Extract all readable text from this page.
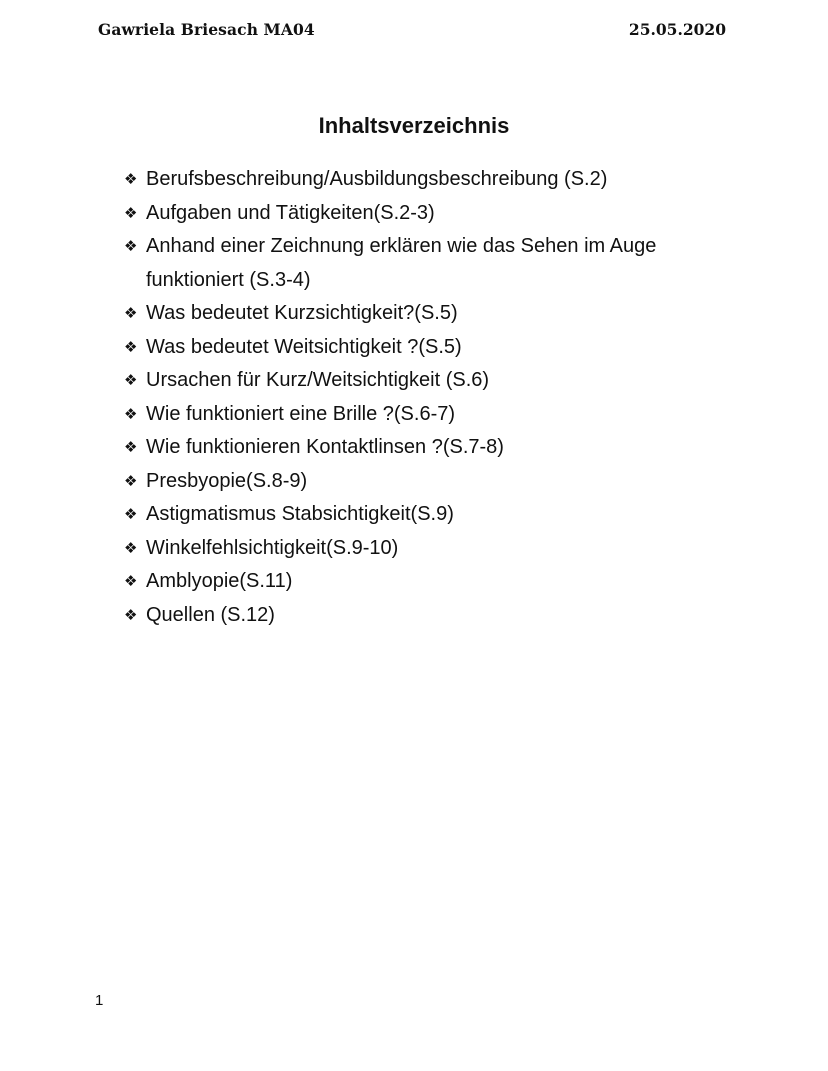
Gawriela Briesach MA04	25.05.2020
Inhaltsverzeichnis
❖ Berufsbeschreibung/Ausbildungsbeschreibung (S.2)
❖ Aufgaben und Tätigkeiten(S.2-3)
❖ Anhand einer Zeichnung erklären wie das Sehen im Auge funktioniert (S.3-4)
❖ Was bedeutet Kurzsichtigkeit?(S.5)
❖ Was bedeutet Weitsichtigkeit ?(S.5)
❖ Ursachen für Kurz/Weitsichtigkeit (S.6)
❖ Wie funktioniert eine Brille ?(S.6-7)
❖ Wie funktionieren Kontaktlinsen ?(S.7-8)
❖ Presbyopie(S.8-9)
❖ Astigmatismus Stabsichtigkeit(S.9)
❖ Winkelfehlsichtigkeit(S.9-10)
❖ Amblyopie(S.11)
❖ Quellen (S.12)
1
